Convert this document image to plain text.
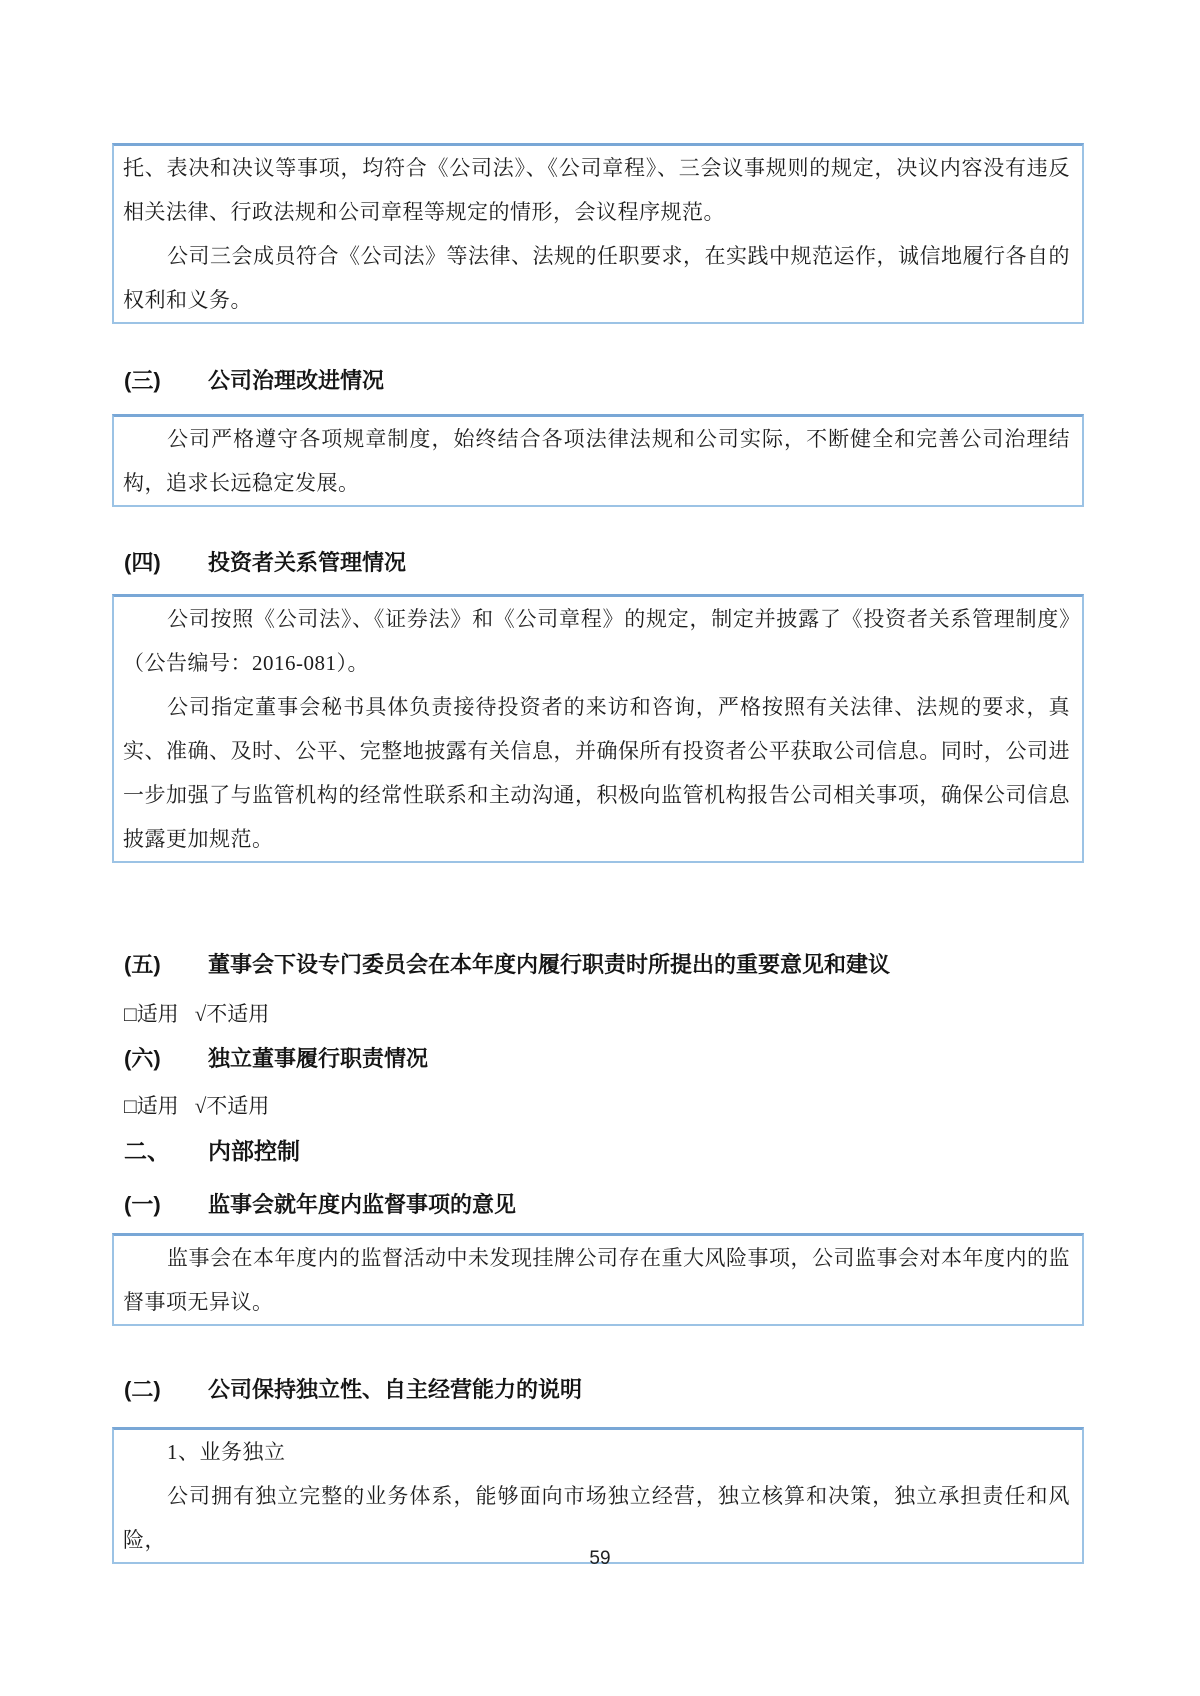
托、表决和决议等事项，均符合《公司法》、《公司章程》、三会议事规则的规定，决议内容没有违反相关法律、行政法规和公司章程等规定的情形，会议程序规范。

公司三会成员符合《公司法》等法律、法规的任职要求，在实践中规范运作，诚信地履行各自的权利和义务。

(三) 公司治理改进情况

公司严格遵守各项规章制度，始终结合各项法律法规和公司实际，不断健全和完善公司治理结构，追求长远稳定发展。

(四) 投资者关系管理情况

公司按照《公司法》、《证券法》和《公司章程》的规定，制定并披露了《投资者关系管理制度》（公告编号：2016-081）。

公司指定董事会秘书具体负责接待投资者的来访和咨询，严格按照有关法律、法规的要求，真实、准确、及时、公平、完整地披露有关信息，并确保所有投资者公平获取公司信息。同时，公司进一步加强了与监管机构的经常性联系和主动沟通，积极向监管机构报告公司相关事项，确保公司信息披露更加规范。

(五) 董事会下设专门委员会在本年度内履行职责时所提出的重要意见和建议
□适用 √不适用
(六) 独立董事履行职责情况
□适用 √不适用
二、 内部控制
(一) 监事会就年度内监督事项的意见

监事会在本年度内的监督活动中未发现挂牌公司存在重大风险事项，公司监事会对本年度内的监督事项无异议。

(二) 公司保持独立性、自主经营能力的说明

1、业务独立

公司拥有独立完整的业务体系，能够面向市场独立经营，独立核算和决策，独立承担责任和风险，

59
